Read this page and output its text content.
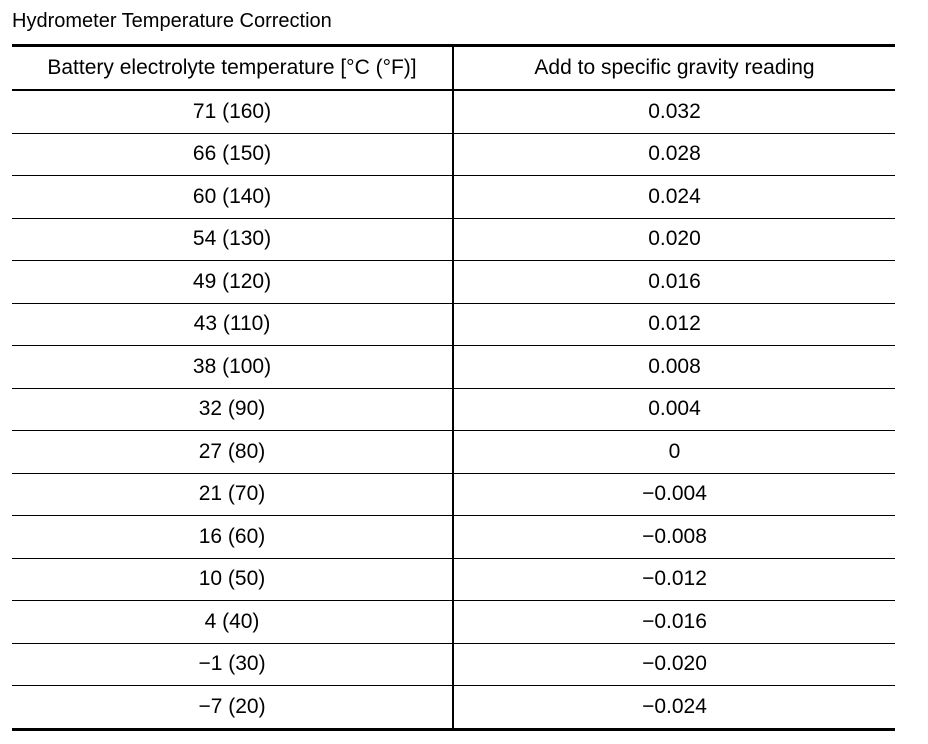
Hydrometer Temperature Correction
Battery electrolyte temperature [°C (°F)]	Add to specific gravity reading
71 (160)	0.032
66 (150)	0.028
60 (140)	0.024
54 (130)	0.020
49 (120)	0.016
43 (110)	0.012
38 (100)	0.008
32 (90)	0.004
27 (80)	0
21 (70)	−0.004
16 (60)	−0.008
10 (50)	−0.012
4 (40)	−0.016
−1 (30)	−0.020
−7 (20)	−0.024
